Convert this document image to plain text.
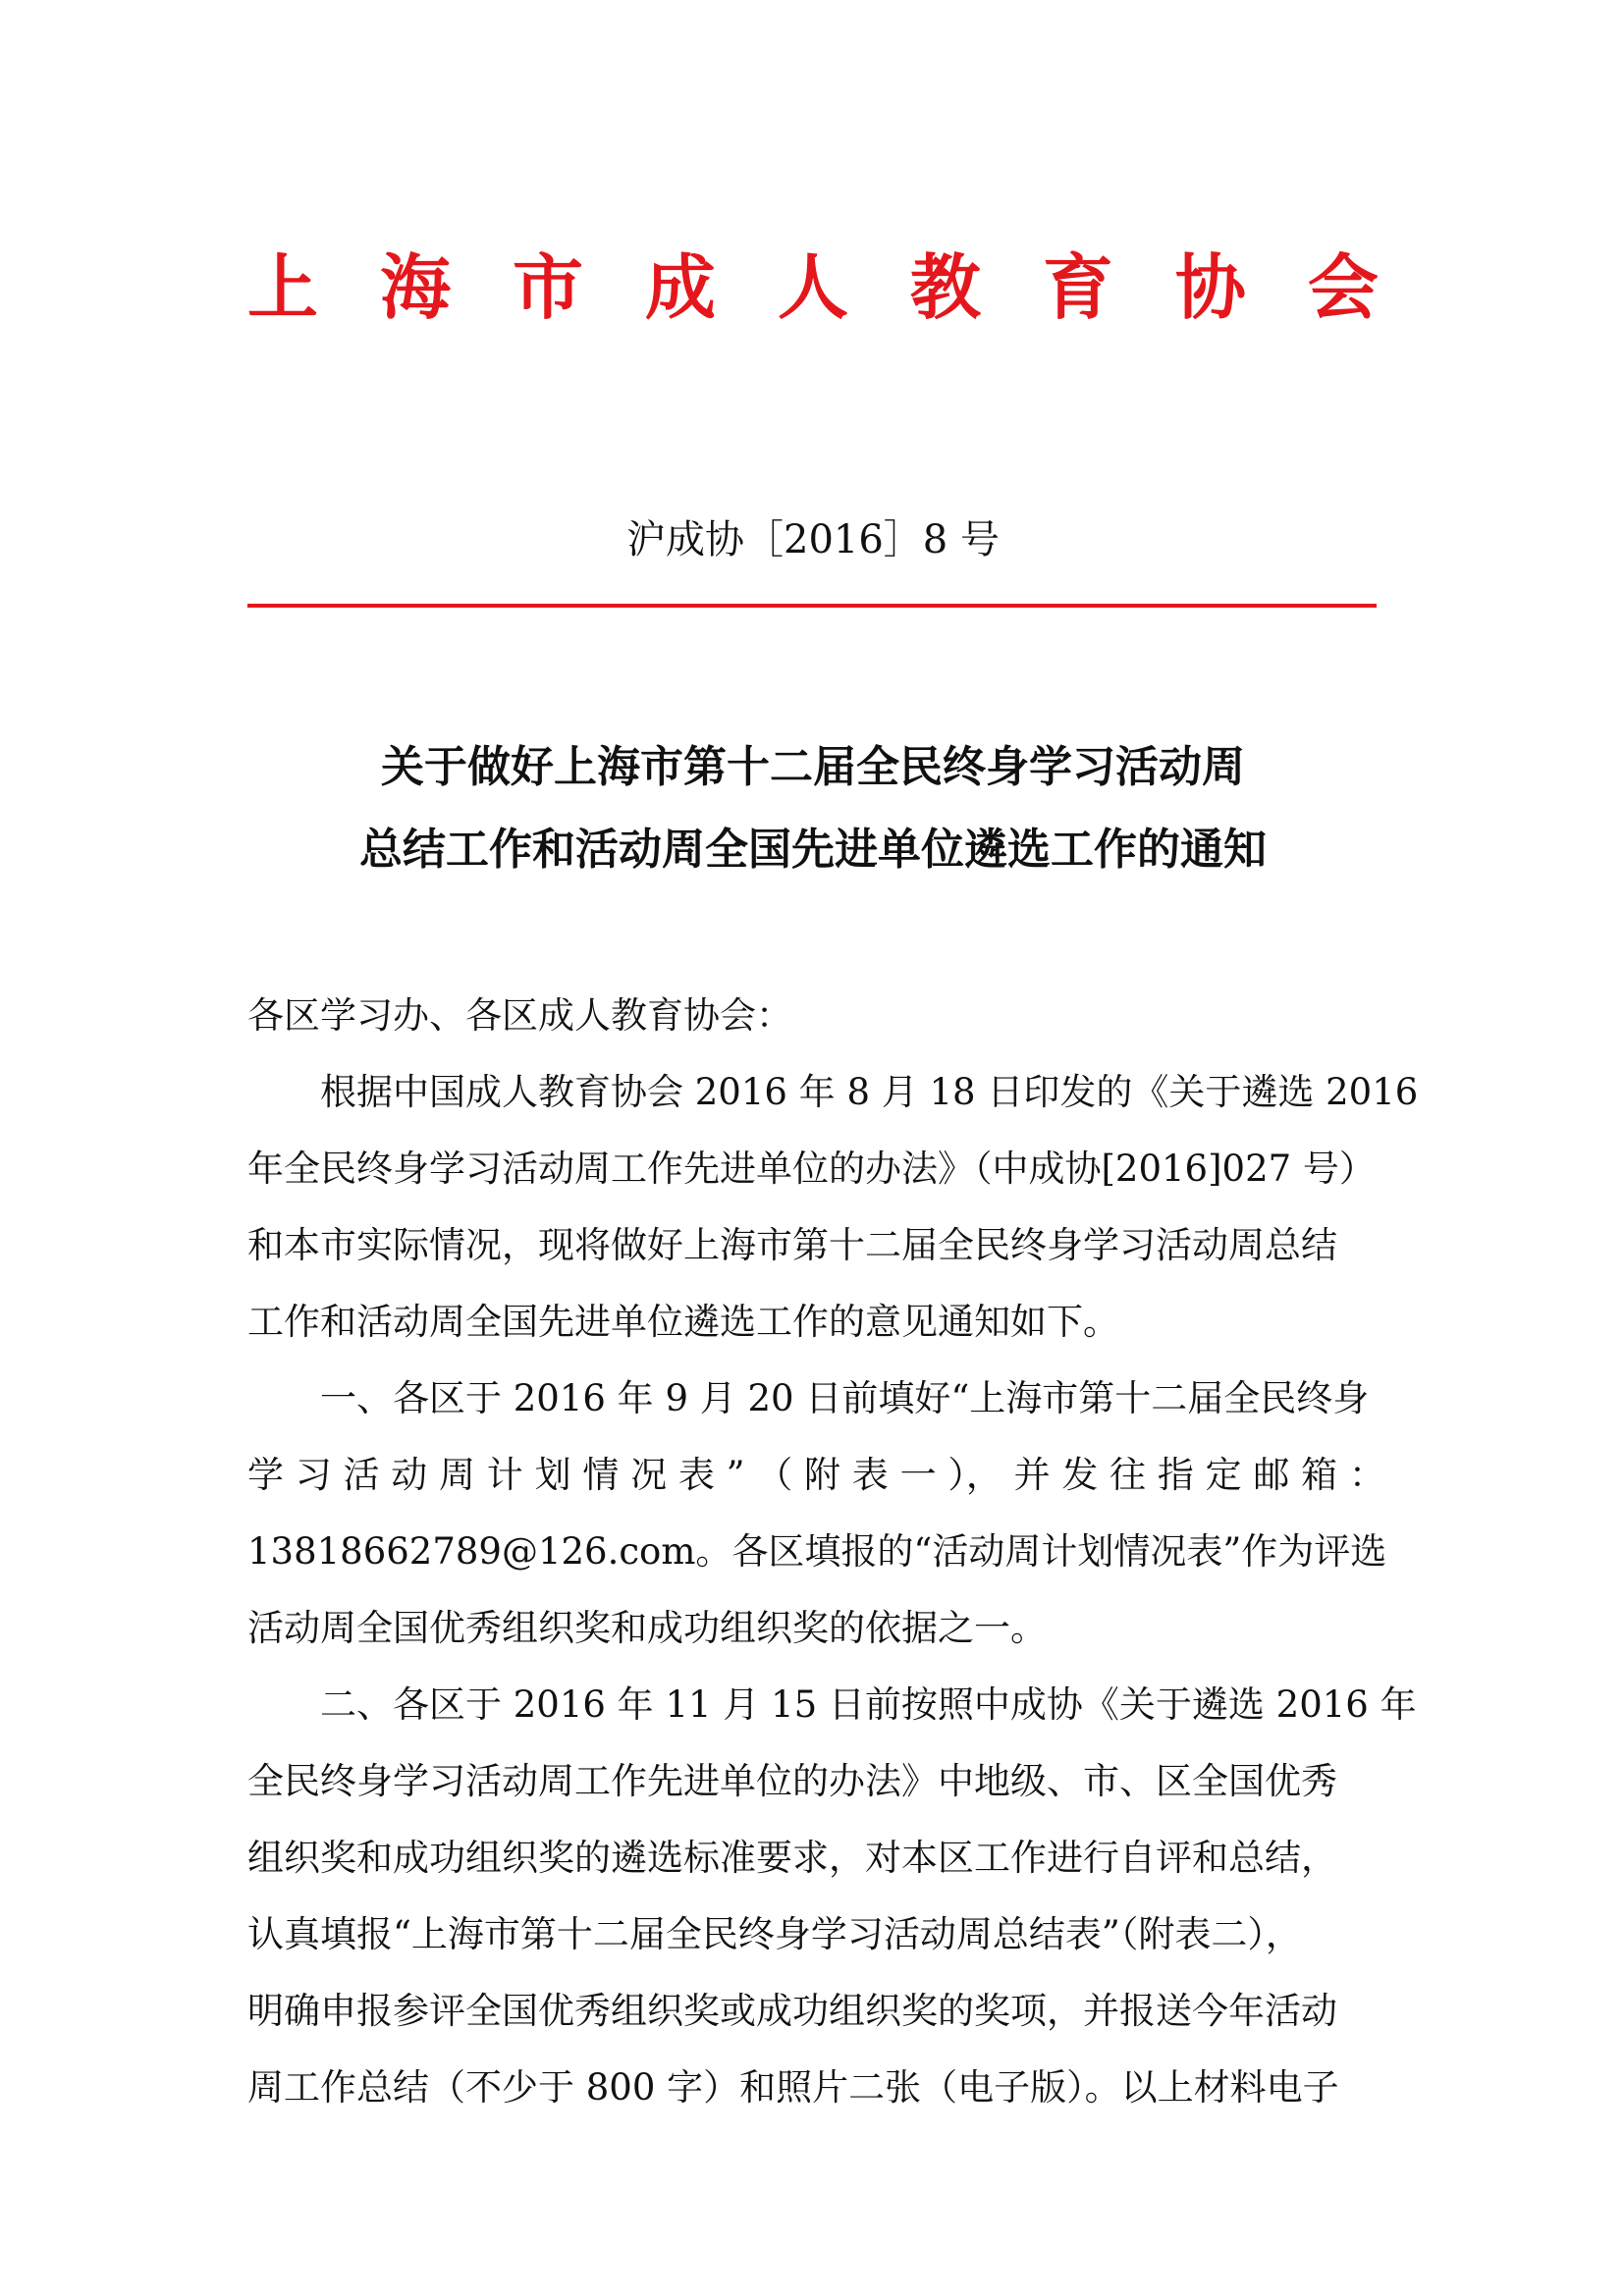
上 海 市 成 人 教 育 协 会
沪成协［2016］8 号
关于做好上海市第十二届全民终身学习活动周
总结工作和活动周全国先进单位遴选工作的通知

各区学习办、各区成人教育协会：

根据中国成人教育协会 2016 年 8 月 18 日印发的《关于遴选 2016

年全民终身学习活动周工作先进单位的办法》（中成协[2016]027 号）

和本市实际情况，现将做好上海市第十二届全民终身学习活动周总结

工作和活动周全国先进单位遴选工作的意见通知如下。

一、各区于 2016 年 9 月 20 日前填好“上海市第十二届全民终身

学 习 活 动 周 计 划 情 况 表 ” （ 附 表 一 ）， 并 发 往 指 定 邮 箱 ：

13818662789@126.com。各区填报的“活动周计划情况表”作为评选

活动周全国优秀组织奖和成功组织奖的依据之一。

二、各区于 2016 年 11 月 15 日前按照中成协《关于遴选 2016 年

全民终身学习活动周工作先进单位的办法》中地级、市、区全国优秀

组织奖和成功组织奖的遴选标准要求，对本区工作进行自评和总结，

认真填报“上海市第十二届全民终身学习活动周总结表”（附表二），

明确申报参评全国优秀组织奖或成功组织奖的奖项，并报送今年活动

周工作总结（不少于 800 字）和照片二张（电子版）。以上材料电子
